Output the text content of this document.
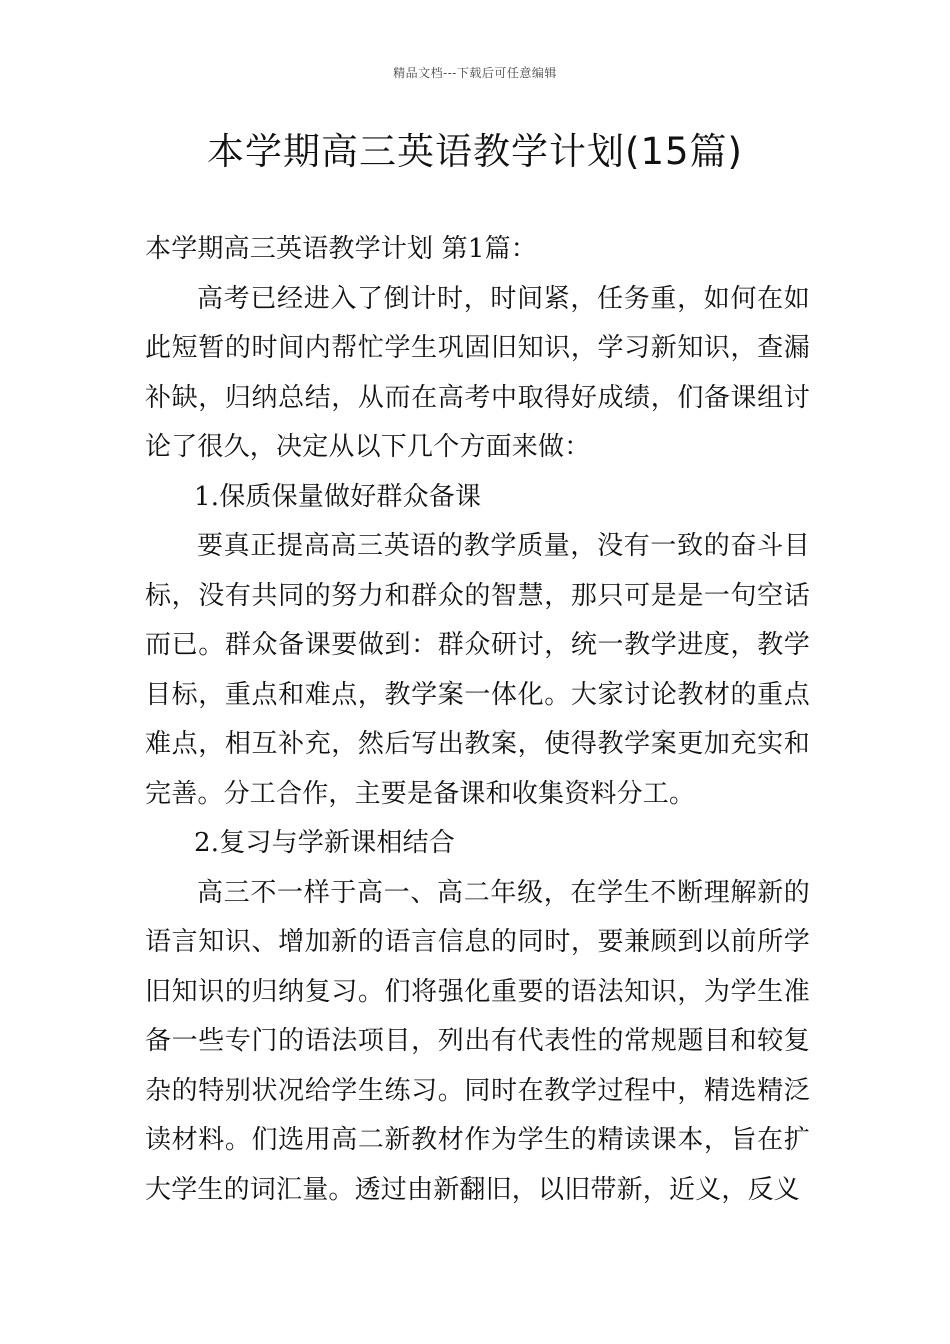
精品文档---下载后可任意编辑
本学期高三英语教学计划(15篇)

本学期高三英语教学计划 第1篇：

高考已经进入了倒计时，时间紧，任务重，如何在如此短暂的时间内帮忙学生巩固旧知识，学习新知识，查漏补缺，归纳总结，从而在高考中取得好成绩，们备课组讨论了很久，决定从以下几个方面来做：

1.保质保量做好群众备课

要真正提高高三英语的教学质量，没有一致的奋斗目标，没有共同的努力和群众的智慧，那只可是是一句空话而已。群众备课要做到：群众研讨，统一教学进度，教学目标，重点和难点，教学案一体化。大家讨论教材的重点难点，相互补充，然后写出教案，使得教学案更加充实和完善。分工合作，主要是备课和收集资料分工。

2.复习与学新课相结合

高三不一样于高一、高二年级，在学生不断理解新的语言知识、增加新的语言信息的同时，要兼顾到以前所学旧知识的归纳复习。们将强化重要的语法知识，为学生准备一些专门的语法项目，列出有代表性的常规题目和较复杂的特别状况给学生练习。同时在教学过程中，精选精泛读材料。们选用高二新教材作为学生的精读课本，旨在扩大学生的词汇量。透过由新翻旧，以旧带新，近义，反义
